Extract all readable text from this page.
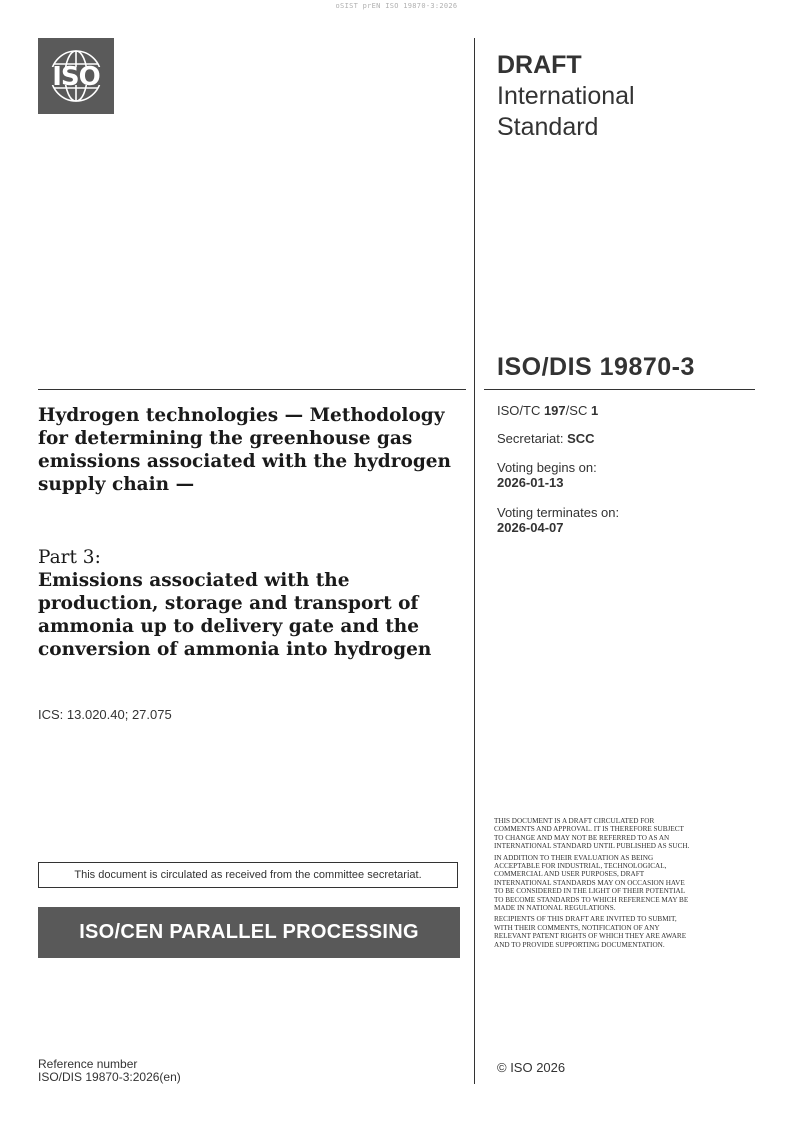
oSIST prEN ISO 19870-3:2026
ISO	DRAFT
International
Standard
ISO/DIS 19870-3
Hydrogen technologies — Methodology for determining the greenhouse gas emissions associated with the hydrogen supply chain —
Part 3:
Emissions associated with the production, storage and transport of ammonia up to delivery gate and the conversion of ammonia into hydrogen
ICS: 13.020.40; 27.075
ISO/TC 197/SC 1
Secretariat: SCC
Voting begins on:
2026-01-13
Voting terminates on:
2026-04-07

THIS DOCUMENT IS A DRAFT CIRCULATED FOR COMMENTS AND APPROVAL. IT IS THEREFORE SUBJECT TO CHANGE AND MAY NOT BE REFERRED TO AS AN INTERNATIONAL STANDARD UNTIL PUBLISHED AS SUCH.

IN ADDITION TO THEIR EVALUATION AS BEING ACCEPTABLE FOR INDUSTRIAL, TECHNOLOGICAL, COMMERCIAL AND USER PURPOSES, DRAFT INTERNATIONAL STANDARDS MAY ON OCCASION HAVE TO BE CONSIDERED IN THE LIGHT OF THEIR POTENTIAL TO BECOME STANDARDS TO WHICH REFERENCE MAY BE MADE IN NATIONAL REGULATIONS.

RECIPIENTS OF THIS DRAFT ARE INVITED TO SUBMIT, WITH THEIR COMMENTS, NOTIFICATION OF ANY RELEVANT PATENT RIGHTS OF WHICH THEY ARE AWARE AND TO PROVIDE SUPPORTING DOCUMENTATION.

This document is circulated as received from the committee secretariat.
ISO/CEN PARALLEL PROCESSING
Reference number
ISO/DIS 19870-3:2026(en)
© ISO 2026
